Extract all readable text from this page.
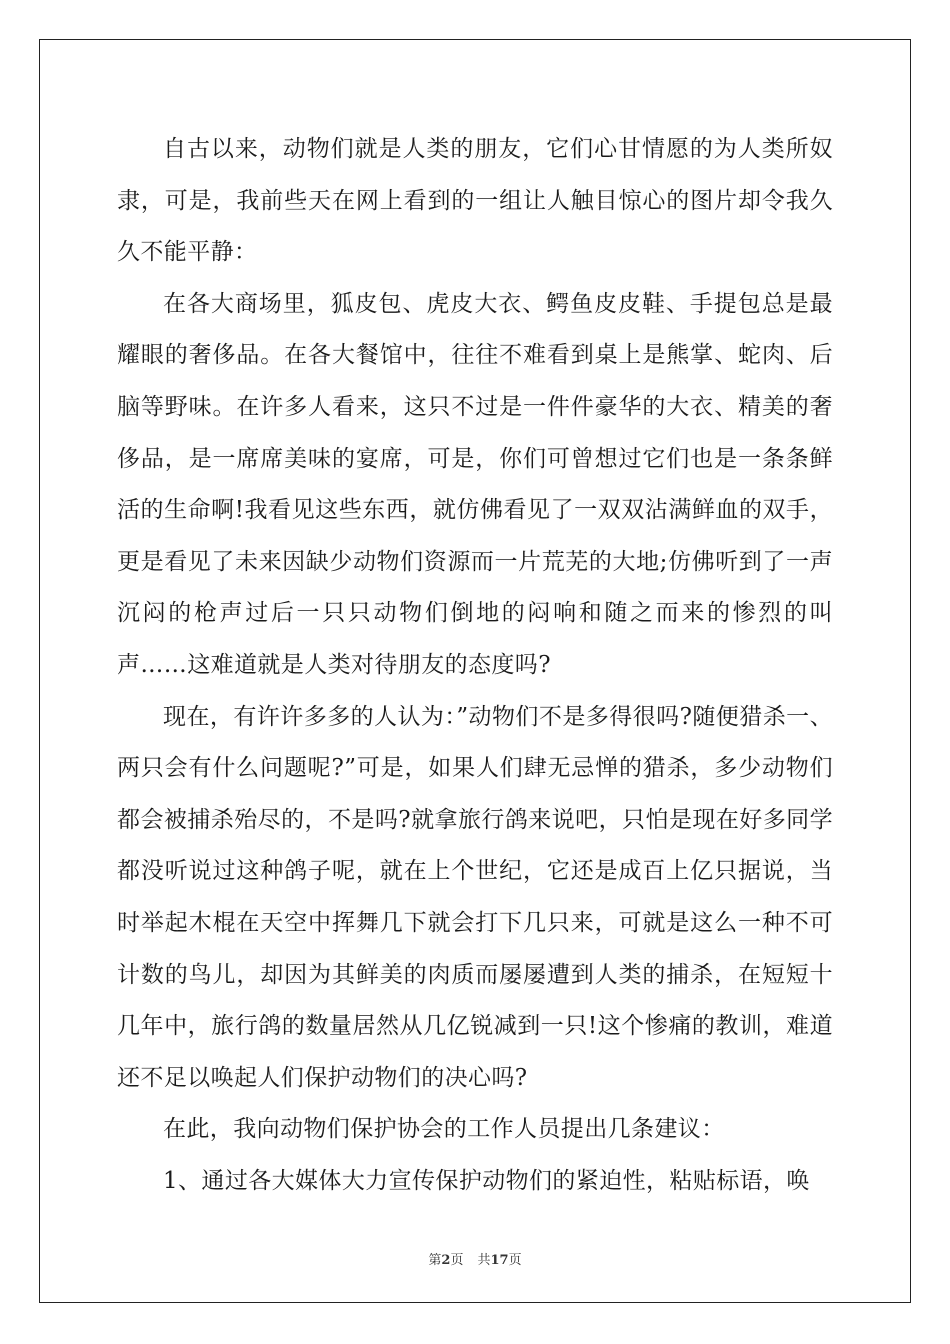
自古以来，动物们就是人类的朋友，它们心甘情愿的为人类所奴隶，可是，我前些天在网上看到的一组让人触目惊心的图片却令我久久不能平静：

在各大商场里，狐皮包、虎皮大衣、鳄鱼皮皮鞋、手提包总是最耀眼的奢侈品。在各大餐馆中，往往不难看到桌上是熊掌、蛇肉、后脑等野味。在许多人看来，这只不过是一件件豪华的大衣、精美的奢侈品，是一席席美味的宴席，可是，你们可曾想过它们也是一条条鲜活的生命啊!我看见这些东西，就仿佛看见了一双双沾满鲜血的双手，更是看见了未来因缺少动物们资源而一片荒芜的大地;仿佛听到了一声沉闷的枪声过后一只只动物们倒地的闷响和随之而来的惨烈的叫声……这难道就是人类对待朋友的态度吗?

现在，有许许多多的人认为：”动物们不是多得很吗?随便猎杀一、两只会有什么问题呢?”可是，如果人们肆无忌惮的猎杀，多少动物们都会被捕杀殆尽的，不是吗?就拿旅行鸽来说吧，只怕是现在好多同学都没听说过这种鸽子呢，就在上个世纪，它还是成百上亿只据说，当时举起木棍在天空中挥舞几下就会打下几只来，可就是这么一种不可计数的鸟儿，却因为其鲜美的肉质而屡屡遭到人类的捕杀，在短短十几年中，旅行鸽的数量居然从几亿锐减到一只!这个惨痛的教训，难道还不足以唤起人们保护动物们的决心吗?

在此，我向动物们保护协会的工作人员提出几条建议：

1、通过各大媒体大力宣传保护动物们的紧迫性，粘贴标语，唤

第2页 共17页
